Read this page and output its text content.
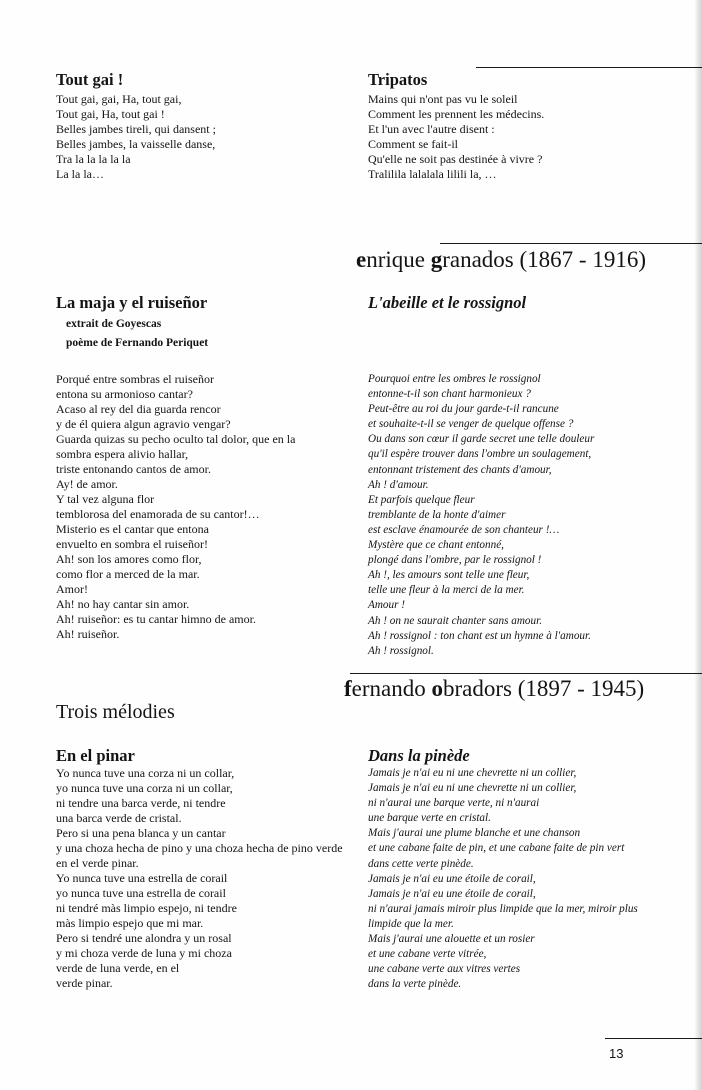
Tout gai !
Tout gai, gai, Ha, tout gai,
Tout gai, Ha, tout gai !
Belles jambes tireli, qui dansent ;
Belles jambes, la vaisselle danse,
Tra la la la la la
La la la…
Tripatos
Mains qui n'ont pas vu le soleil
Comment les prennent les médecins.
Et l'un avec l'autre disent :
Comment se fait-il
Qu'elle ne soit pas destinée à vivre ?
Tralilila lalalala lilili la, …
enrique granados (1867 - 1916)
La maja y el ruiseñor
extrait de Goyescas
poème de Fernando Periquet
Porqué entre sombras el ruiseñor
entona su armonioso cantar?
Acaso al rey del dia guarda rencor
y de él quiera algun agravio vengar?
Guarda quizas su pecho oculto tal dolor, que en la
sombra espera alivio hallar,
triste entonando cantos de amor.
Ay! de amor.
Y tal vez alguna flor
temblorosa del enamorada de su cantor!…
Misterio es el cantar que entona
envuelto en sombra el ruiseñor!
Ah! son los amores como flor,
como flor a merced de la mar.
Amor!
Ah! no hay cantar sin amor.
Ah! ruiseñor: es tu cantar himno de amor.
Ah! ruiseñor.
L'abeille et le rossignol
Pourquoi entre les ombres le rossignol
entonne-t-il son chant harmonieux ?
Peut-être au roi du jour garde-t-il rancune
et souhaite-t-il se venger de quelque offense ?
Ou dans son cœur il garde secret une telle douleur
qu'il espère trouver dans l'ombre un soulagement,
entonnant tristement des chants d'amour,
Ah ! d'amour.
Et parfois quelque fleur
tremblante de la honte d'aimer
est esclave énamourée de son chanteur !…
Mystère que ce chant entonné,
plongé dans l'ombre, par le rossignol !
Ah !, les amours sont telle une fleur,
telle une fleur à la merci de la mer.
Amour !
Ah ! on ne saurait chanter sans amour.
Ah ! rossignol : ton chant est un hymne à l'amour.
Ah ! rossignol.
fernando obradors (1897 - 1945)
Trois mélodies
En el pinar
Yo nunca tuve una corza ni un collar,
yo nunca tuve una corza ni un collar,
ni tendre una barca verde, ni tendre
una barca verde de cristal.
Pero si una pena blanca y un cantar
y una choza hecha de pino y una choza hecha de pino verde
en el verde pinar.
Yo nunca tuve una estrella de corail
yo nunca tuve una estrella de corail
ni tendré màs limpio espejo, ni tendre
màs limpio espejo que mi mar.
Pero si tendré une alondra y un rosal
y mi choza verde de luna y mi choza
verde de luna verde, en el
verde pinar.
Dans la pinède
Jamais je n'ai eu ni une chevrette ni un collier,
Jamais je n'ai eu ni une chevrette ni un collier,
ni n'aurai une barque verte, ni n'aurai
une barque verte en cristal.
Mais j'aurai une plume blanche et une chanson
et une cabane faite de pin, et une cabane faite de pin vert
dans cette verte pinède.
Jamais je n'ai eu une étoile de corail,
Jamais je n'ai eu une étoile de corail,
ni n'aurai jamais miroir plus limpide que la mer, miroir plus
limpide que la mer.
Mais j'aurai une alouette et un rosier
et une cabane verte vitrée,
une cabane verte aux vitres vertes
dans la verte pinède.
13
